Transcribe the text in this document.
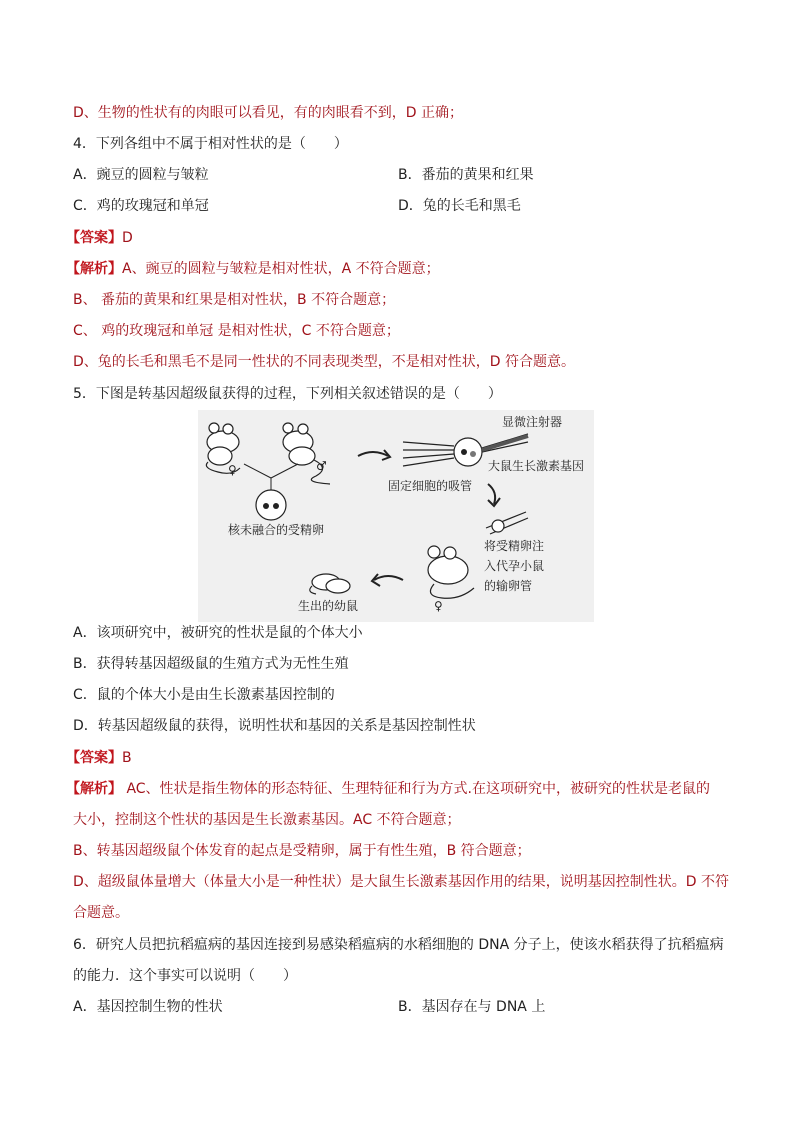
D、生物的性状有的肉眼可以看见，有的肉眼看不到，D 正确；
4．下列各组中不属于相对性状的是（　　）
A．豌豆的圆粒与皱粒	B．番茄的黄果和红果
C．鸡的玫瑰冠和单冠	D．兔的长毛和黑毛
【答案】D
【解析】A、豌豆的圆粒与皱粒是相对性状，A 不符合题意；
B、 番茄的黄果和红果是相对性状，B 不符合题意；
C、 鸡的玫瑰冠和单冠 是相对性状，C 不符合题意；
D、兔的长毛和黑毛不是同一性状的不同表现类型，不是相对性状，D 符合题意。
5．下图是转基因超级鼠获得的过程，下列相关叙述错误的是（　　）
♀	♂
核未融合的受精卵
显微注射器
大鼠生长激素基因
固定细胞的吸管
♀
将受精卵注
入代孕小鼠
的输卵管
生出的幼鼠
A．该项研究中，被研究的性状是鼠的个体大小
B．获得转基因超级鼠的生殖方式为无性生殖
C．鼠的个体大小是由生长激素基因控制的
D．转基因超级鼠的获得，说明性状和基因的关系是基因控制性状
【答案】B
【解析】 AC、性状是指生物体的形态特征、生理特征和行为方式.在这项研究中，被研究的性状是老鼠的
大小，控制这个性状的基因是生长激素基因。AC 不符合题意；
B、转基因超级鼠个体发育的起点是受精卵，属于有性生殖，B 符合题意；
D、超级鼠体量增大（体量大小是一种性状）是大鼠生长激素基因作用的结果，说明基因控制性状。D 不符
合题意。
6．研究人员把抗稻瘟病的基因连接到易感染稻瘟病的水稻细胞的 DNA 分子上，使该水稻获得了抗稻瘟病
的能力．这个事实可以说明（　　）
A．基因控制生物的性状	B．基因存在与 DNA 上
